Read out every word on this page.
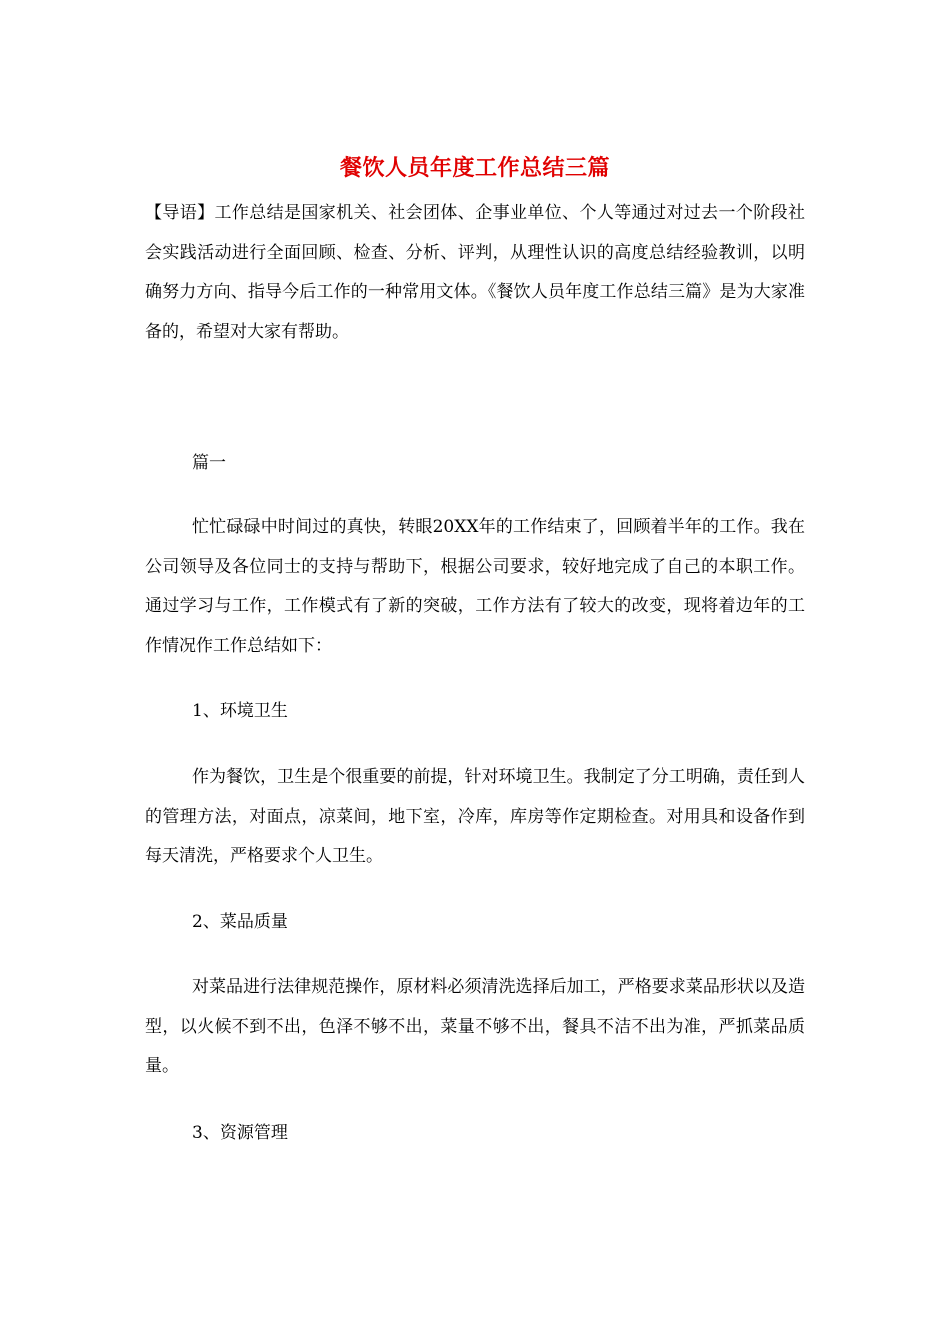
餐饮人员年度工作总结三篇

【导语】工作总结是国家机关、社会团体、企事业单位、个人等通过对过去一个阶段社会实践活动进行全面回顾、检查、分析、评判，从理性认识的高度总结经验教训，以明确努力方向、指导今后工作的一种常用文体。《餐饮人员年度工作总结三篇》是为大家准备的，希望对大家有帮助。

篇一
忙忙碌碌中时间过的真快，转眼20XX年的工作结束了，回顾着半年的工作。我在公司领导及各位同士的支持与帮助下，根据公司要求，较好地完成了自己的本职工作。通过学习与工作，工作模式有了新的突破，工作方法有了较大的改变，现将着边年的工作情况作工作总结如下：
1、环境卫生
作为餐饮，卫生是个很重要的前提，针对环境卫生。我制定了分工明确，责任到人的管理方法，对面点，凉菜间，地下室，冷库，库房等作定期检查。对用具和设备作到每天清洗，严格要求个人卫生。
2、菜品质量
对菜品进行法律规范操作，原材料必须清洗选择后加工，严格要求菜品形状以及造型，以火候不到不出，色泽不够不出，菜量不够不出，餐具不洁不出为准，严抓菜品质量。
3、资源管理
